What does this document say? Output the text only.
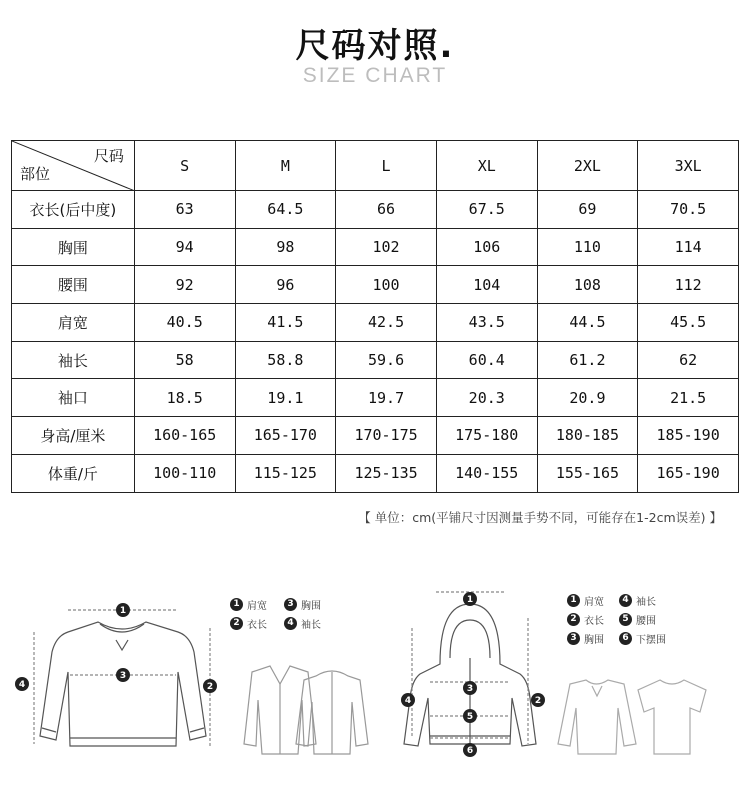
尺码对照.
SIZE CHART
尺码
部位	S	M	L	XL	2XL	3XL
衣长(后中度)	63	64.5	66	67.5	69	70.5
胸围	94	98	102	106	110	114
腰围	92	96	100	104	108	112
肩宽	40.5	41.5	42.5	43.5	44.5	45.5
袖长	58	58.8	59.6	60.4	61.2	62
袖口	18.5	19.1	19.7	20.3	20.9	21.5
身高/厘米	160-165	165-170	170-175	175-180	180-185	185-190
体重/斤	100-110	115-125	125-135	140-155	155-165	165-190
【 单位：cm(平铺尺寸因测量手势不同，可能存在1-2cm误差) 】
1
3
4	2
1
3
4
5
2
6
1 肩宽	3 胸围
2 衣长	4 袖长
1 肩宽	4 袖长
2 衣长	5 腰围
3 胸围	6 下摆围
